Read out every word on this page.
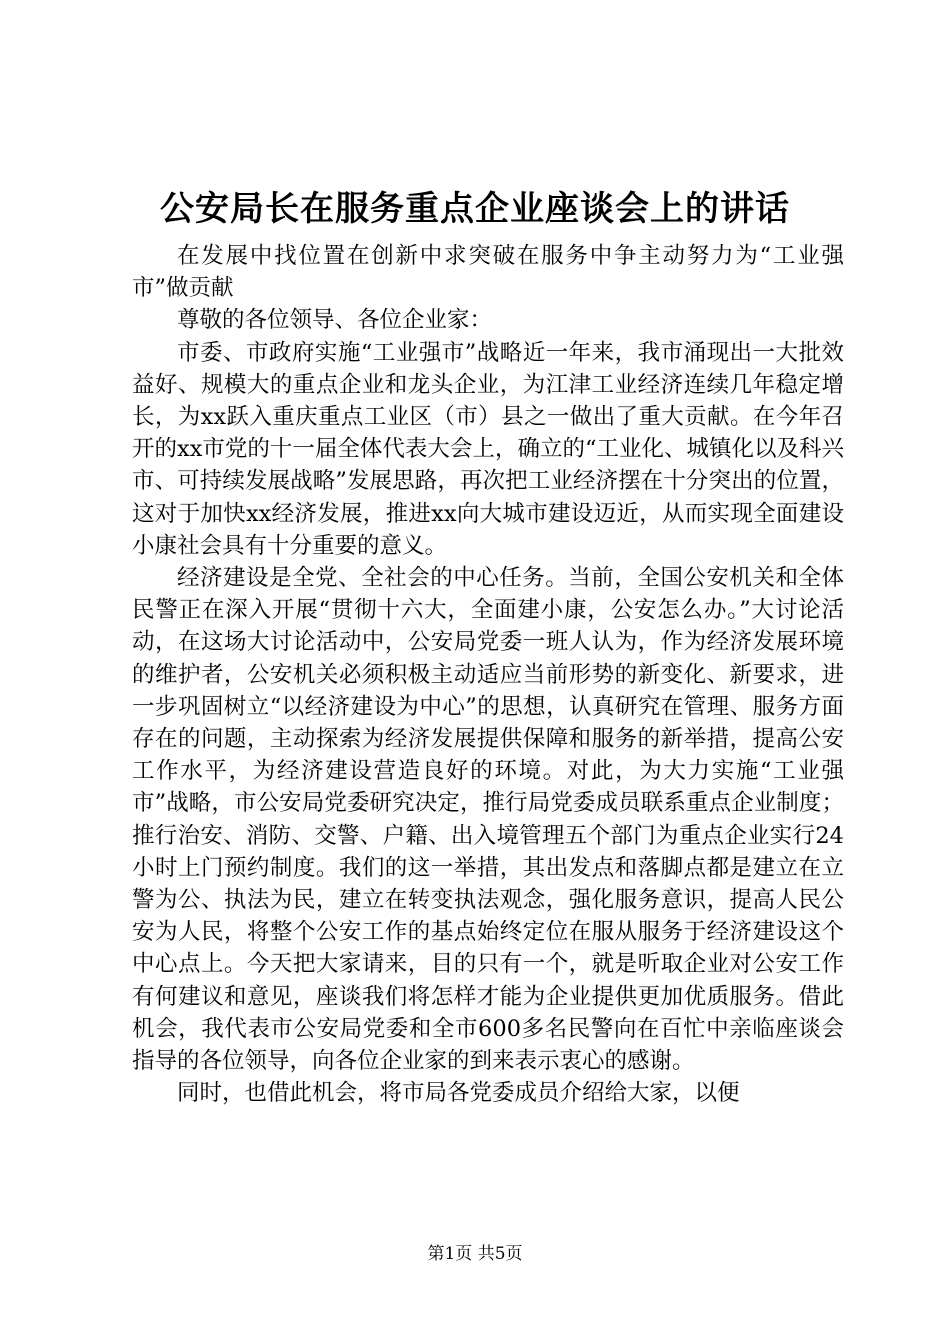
公安局长在服务重点企业座谈会上的讲话

在发展中找位置在创新中求突破在服务中争主动努力为“工业强市”做贡献

尊敬的各位领导、各位企业家：

市委、市政府实施“工业强市”战略近一年来，我市涌现出一大批效益好、规模大的重点企业和龙头企业，为江津工业经济连续几年稳定增长，为xx跃入重庆重点工业区（市）县之一做出了重大贡献。在今年召开的xx市党的十一届全体代表大会上，确立的“工业化、城镇化以及科兴市、可持续发展战略”发展思路，再次把工业经济摆在十分突出的位置，这对于加快xx经济发展，推进xx向大城市建设迈近，从而实现全面建设小康社会具有十分重要的意义。

经济建设是全党、全社会的中心任务。当前，全国公安机关和全体民警正在深入开展“贯彻十六大，全面建小康，公安怎么办。”大讨论活动，在这场大讨论活动中，公安局党委一班人认为，作为经济发展环境的维护者，公安机关必须积极主动适应当前形势的新变化、新要求，进一步巩固树立“以经济建设为中心”的思想，认真研究在管理、服务方面存在的问题，主动探索为经济发展提供保障和服务的新举措，提高公安工作水平，为经济建设营造良好的环境。对此，为大力实施“工业强市”战略，市公安局党委研究决定，推行局党委成员联系重点企业制度；推行治安、消防、交警、户籍、出入境管理五个部门为重点企业实行24小时上门预约制度。我们的这一举措，其出发点和落脚点都是建立在立警为公、执法为民，建立在转变执法观念，强化服务意识，提高人民公安为人民，将整个公安工作的基点始终定位在服从服务于经济建设这个中心点上。今天把大家请来，目的只有一个，就是听取企业对公安工作有何建议和意见，座谈我们将怎样才能为企业提供更加优质服务。借此机会，我代表市公安局党委和全市600多名民警向在百忙中亲临座谈会指导的各位领导，向各位企业家的到来表示衷心的感谢。

同时，也借此机会，将市局各党委成员介绍给大家，以便

第1页 共5页
